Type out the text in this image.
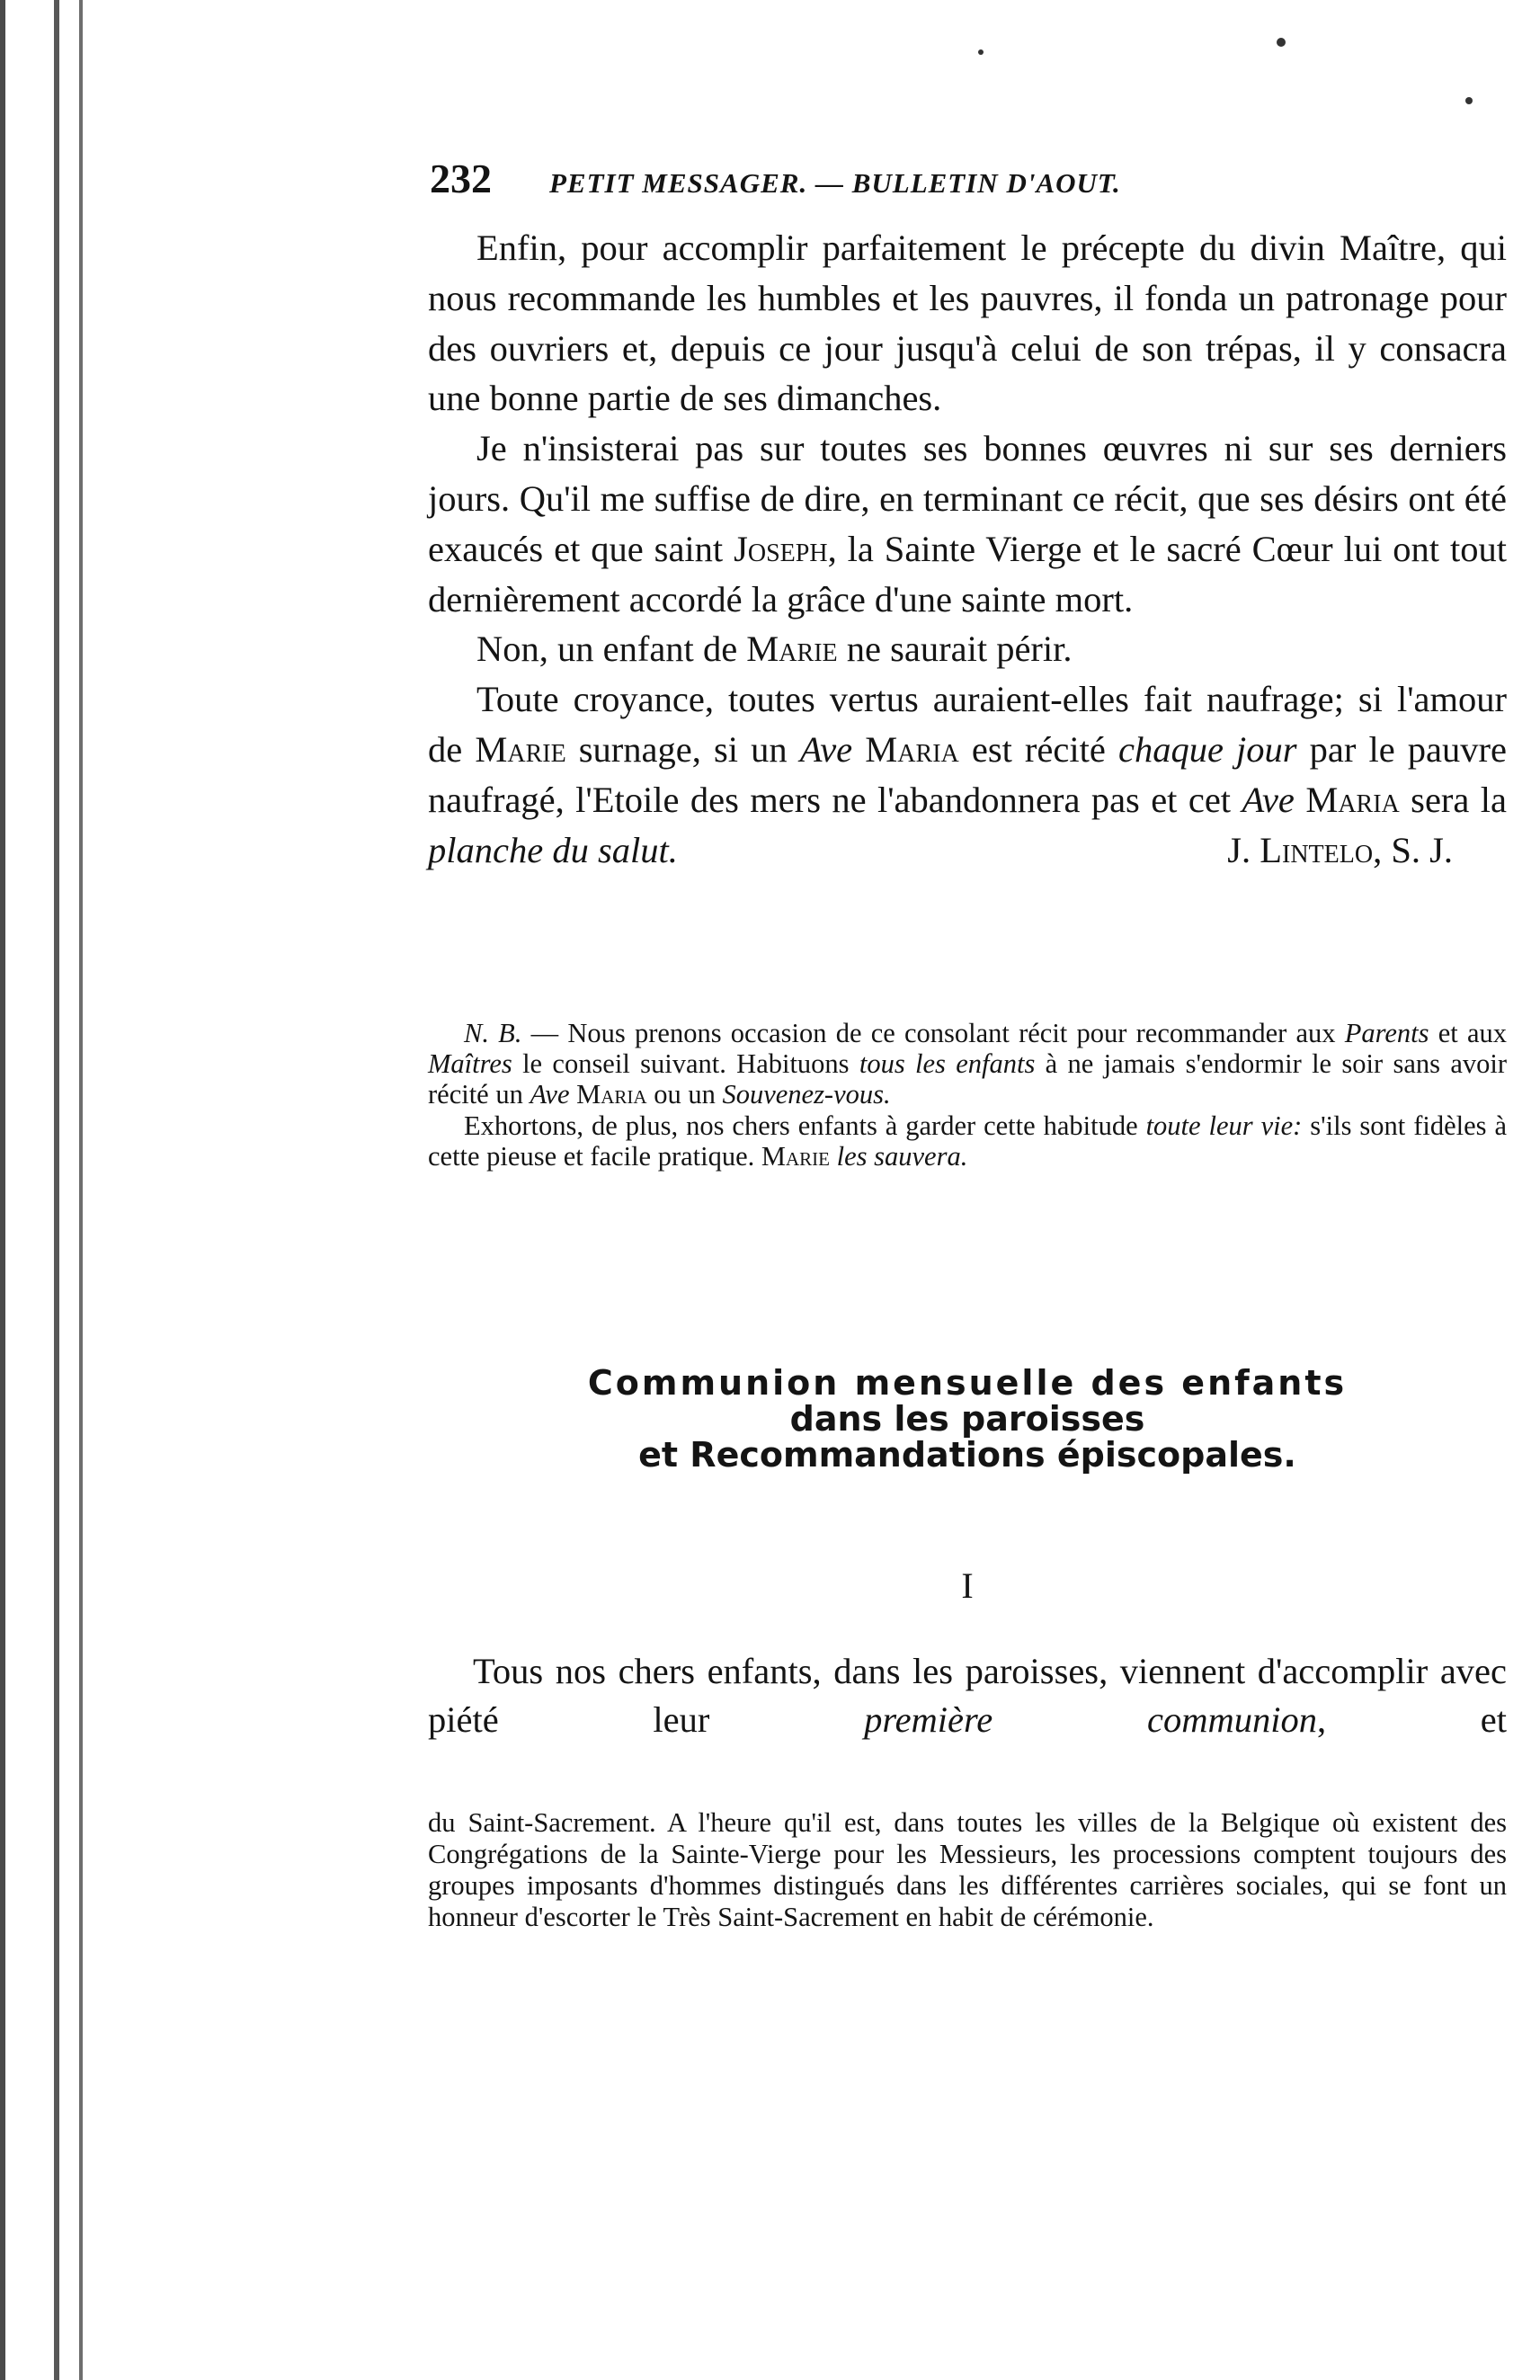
232 PETIT MESSAGER. — BULLETIN D'AOUT.

Enfin, pour accomplir parfaitement le précepte du divin Maître, qui nous recommande les humbles et les pauvres, il fonda un patronage pour des ouvriers et, depuis ce jour jusqu'à celui de son trépas, il y consacra une bonne partie de ses dimanches.

Je n'insisterai pas sur toutes ses bonnes œuvres ni sur ses derniers jours. Qu'il me suffise de dire, en terminant ce récit, que ses désirs ont été exaucés et que saint Joseph, la Sainte Vierge et le sacré Cœur lui ont tout dernièrement accordé la grâce d'une sainte mort.

Non, un enfant de Marie ne saurait périr.

Toute croyance, toutes vertus auraient-elles fait naufrage; si l'amour de Marie surnage, si un Ave Maria est récité chaque jour par le pauvre naufragé, l'Etoile des mers ne l'abandonnera pas et cet Ave Maria sera la planche du salut.	J. Lintelo, S. J.

N. B. — Nous prenons occasion de ce consolant récit pour recommander aux Parents et aux Maîtres le conseil suivant. Habituons tous les enfants à ne jamais s'endormir le soir sans avoir récité un Ave Maria ou un Souvenez-vous.

Exhortons, de plus, nos chers enfants à garder cette habitude toute leur vie: s'ils sont fidèles à cette pieuse et facile pratique. Marie les sauvera.

Communion mensuelle des enfants
dans les paroisses
et Recommandations épiscopales.
I

Tous nos chers enfants, dans les paroisses, viennent d'accomplir avec piété leur première communion, et

du Saint-Sacrement. A l'heure qu'il est, dans toutes les villes de la Belgique où existent des Congrégations de la Sainte-Vierge pour les Messieurs, les processions comptent toujours des groupes imposants d'hommes distingués dans les différentes carrières sociales, qui se font un honneur d'escorter le Très Saint-Sacrement en habit de cérémonie.
